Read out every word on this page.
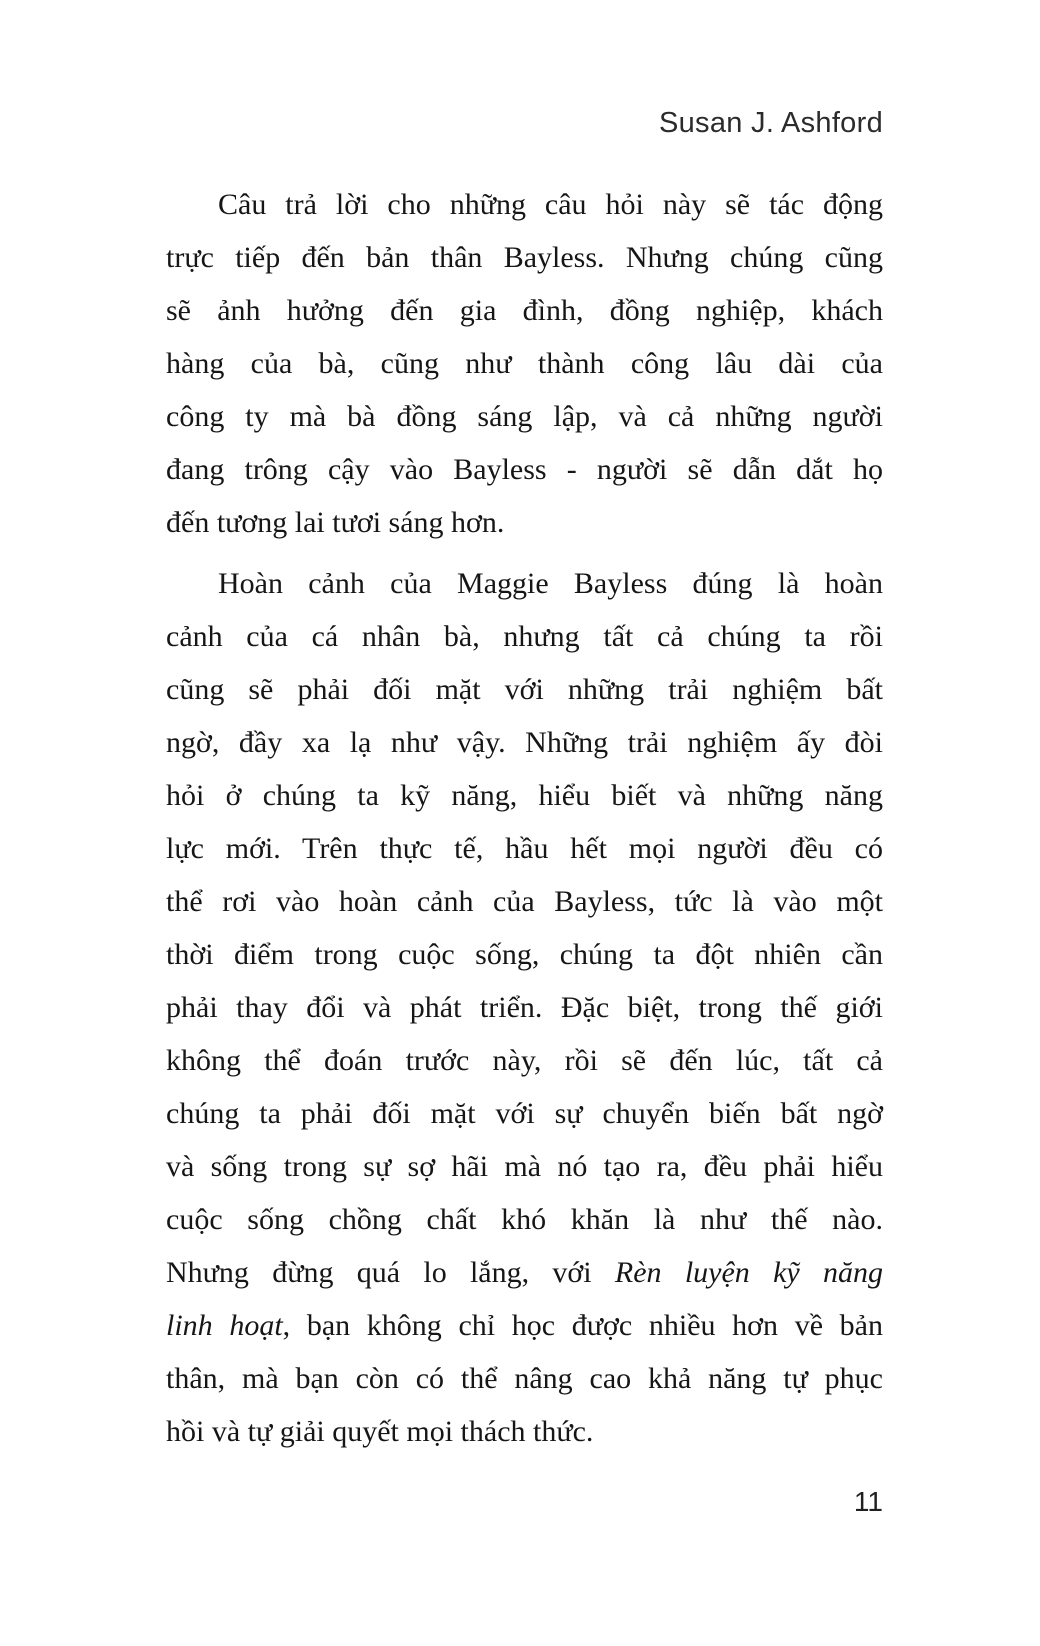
Susan J. Ashford
Câu trả lời cho những câu hỏi này sẽ tác động
trực tiếp đến bản thân Bayless. Nhưng chúng cũng
sẽ ảnh hưởng đến gia đình, đồng nghiệp, khách
hàng của bà, cũng như thành công lâu dài của
công ty mà bà đồng sáng lập, và cả những người
đang trông cậy vào Bayless - người sẽ dẫn dắt họ
đến tương lai tươi sáng hơn.
Hoàn cảnh của Maggie Bayless đúng là hoàn
cảnh của cá nhân bà, nhưng tất cả chúng ta rồi
cũng sẽ phải đối mặt với những trải nghiệm bất
ngờ, đầy xa lạ như vậy. Những trải nghiệm ấy đòi
hỏi ở chúng ta kỹ năng, hiểu biết và những năng
lực mới. Trên thực tế, hầu hết mọi người đều có
thể rơi vào hoàn cảnh của Bayless, tức là vào một
thời điểm trong cuộc sống, chúng ta đột nhiên cần
phải thay đổi và phát triển. Đặc biệt, trong thế giới
không thể đoán trước này, rồi sẽ đến lúc, tất cả
chúng ta phải đối mặt với sự chuyển biến bất ngờ
và sống trong sự sợ hãi mà nó tạo ra, đều phải hiểu
cuộc sống chồng chất khó khăn là như thế nào.
Nhưng đừng quá lo lắng, với Rèn luyện kỹ năng
linh hoạt, bạn không chỉ học được nhiều hơn về bản
thân, mà bạn còn có thể nâng cao khả năng tự phục
hồi và tự giải quyết mọi thách thức.
11
